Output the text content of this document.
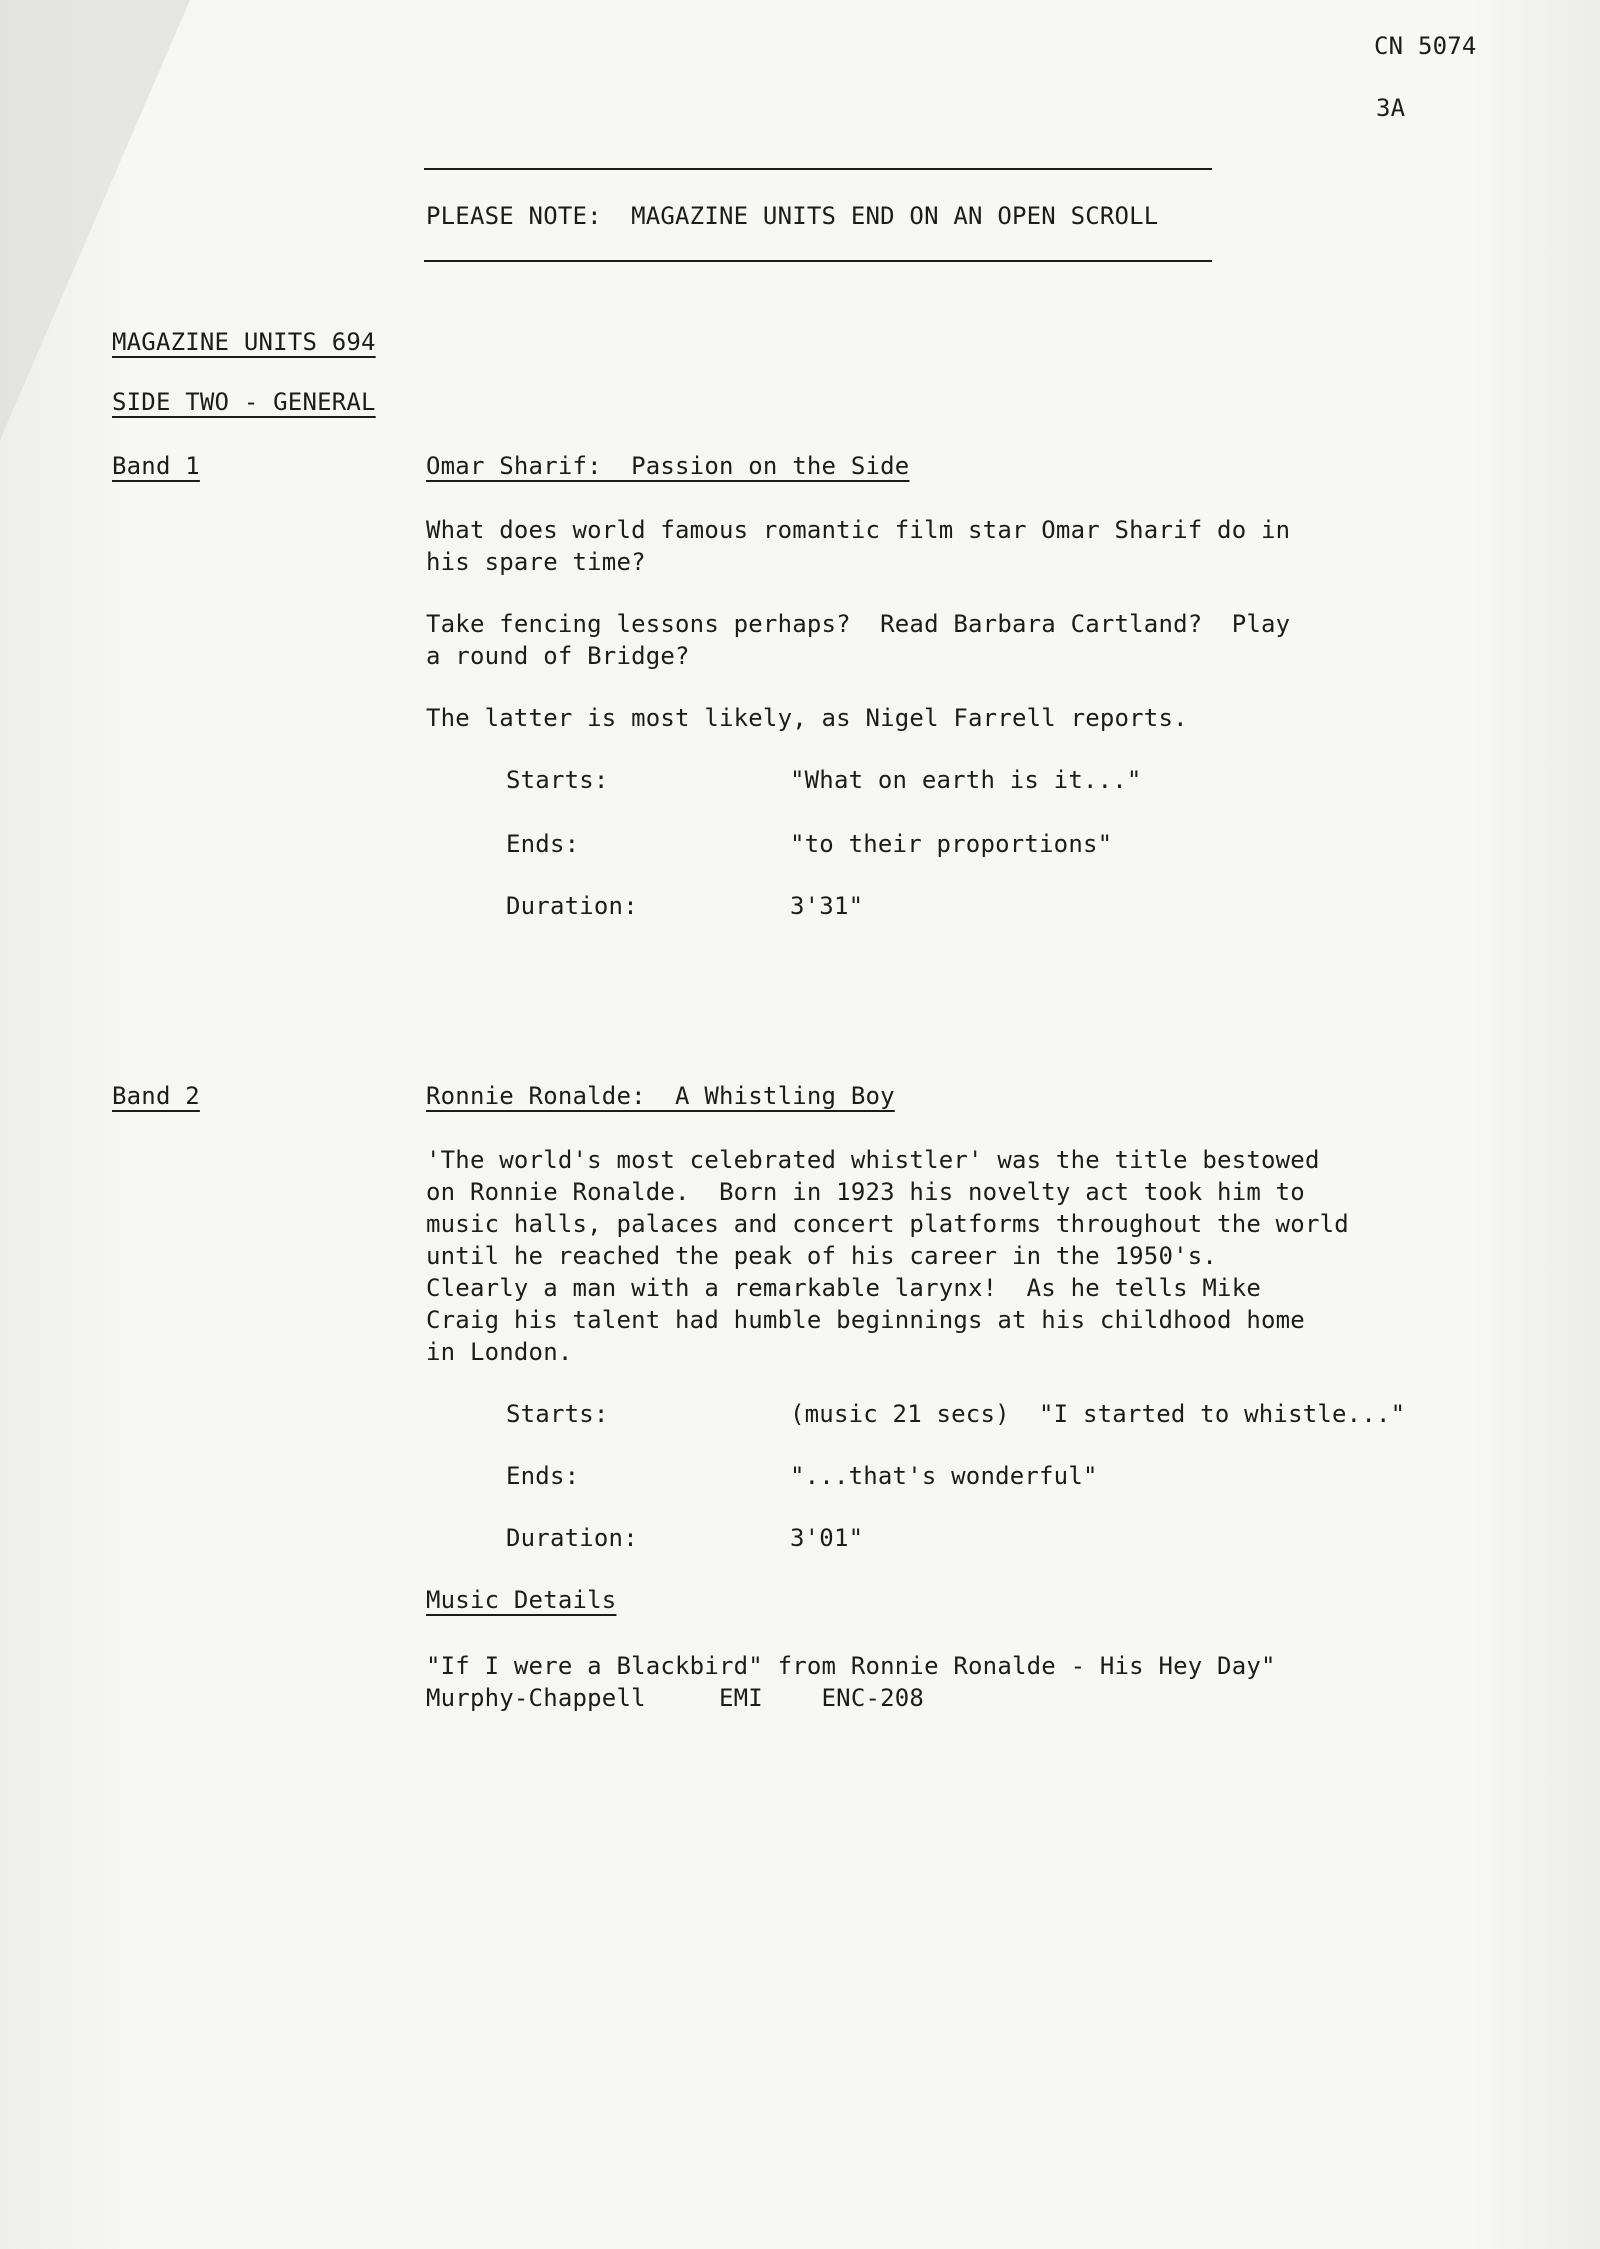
CN 5074
3A
PLEASE NOTE:  MAGAZINE UNITS END ON AN OPEN SCROLL
MAGAZINE UNITS 694
SIDE TWO - GENERAL
Band 1	Omar Sharif:  Passion on the Side
What does world famous romantic film star Omar Sharif do in
his spare time?
Take fencing lessons perhaps?  Read Barbara Cartland?  Play
a round of Bridge?
The latter is most likely, as Nigel Farrell reports.
Starts:	"What on earth is it..."
Ends:	"to their proportions"
Duration:	3'31"
Band 2	Ronnie Ronalde:  A Whistling Boy
'The world's most celebrated whistler' was the title bestowed
on Ronnie Ronalde.  Born in 1923 his novelty act took him to
music halls, palaces and concert platforms throughout the world
until he reached the peak of his career in the 1950's.
Clearly a man with a remarkable larynx!  As he tells Mike
Craig his talent had humble beginnings at his childhood home
in London.
Starts:	(music 21 secs)  "I started to whistle..."
Ends:	"...that's wonderful"
Duration:	3'01"
Music Details
"If I were a Blackbird" from Ronnie Ronalde - His Hey Day"
Murphy-Chappell     EMI    ENC-208
